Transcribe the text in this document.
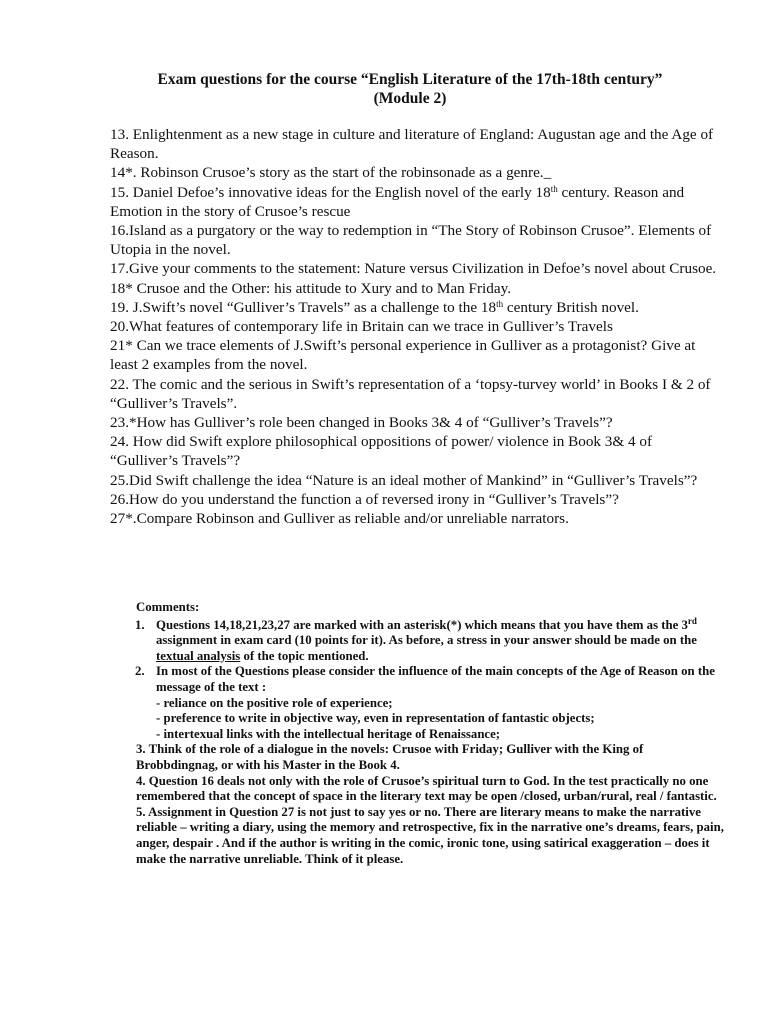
Exam questions for the course “English Literature of the 17th-18th century”
(Module 2)

13. Enlightenment as a new stage in culture and literature of England: Augustan age and the Age of Reason.

14*. Robinson Crusoe’s story as the start of the robinsonade as a genre._

15. Daniel Defoe’s innovative ideas for the English novel of the early 18th century. Reason and Emotion in the story of Crusoe’s rescue

16.Island as a purgatory or the way to redemption in “The Story of Robinson Crusoe”. Elements of Utopia in the novel.

17.Give your comments to the statement: Nature versus Civilization in Defoe’s novel about Crusoe.

18* Crusoe and the Other: his attitude to Xury and to Man Friday.

19. J.Swift’s novel “Gulliver’s Travels” as a challenge to the 18th century British novel.

20.What features of contemporary life in Britain can we trace in Gulliver’s Travels

21* Can we trace elements of J.Swift’s personal experience in Gulliver as a protagonist? Give at least 2 examples from the novel.

22. The comic and the serious in Swift’s representation of a ‘topsy-turvey world’ in Books I & 2 of “Gulliver’s Travels”.

23.*How has Gulliver’s role been changed in Books 3& 4 of “Gulliver’s Travels”?

24. How did Swift explore philosophical oppositions of power/ violence in Book 3& 4 of “Gulliver’s Travels”?

25.Did Swift challenge the idea “Nature is an ideal mother of Mankind” in “Gulliver’s Travels”?

26.How do you understand the function a of reversed irony in “Gulliver’s Travels”?

27*.Compare Robinson and Gulliver as reliable and/or unreliable narrators.

Comments:

1. Questions 14,18,21,23,27 are marked with an asterisk(*) which means that you have them as the 3rd assignment in exam card (10 points for it). As before, a stress in your answer should be made on the textual analysis of the topic mentioned.
2. In most of the Questions please consider the influence of the main concepts of the Age of Reason on the message of the text :

- reliance on the positive role of experience;

- preference to write in objective way, even in representation of fantastic objects;

- intertexual links with the intellectual heritage of Renaissance;

3. Think of the role of a dialogue in the novels: Crusoe with Friday; Gulliver with the King of Brobbdingnag, or with his Master in the Book 4.

4. Question 16 deals not only with the role of Crusoe’s spiritual turn to God. In the test practically no one remembered that the concept of space in the literary text may be open /closed, urban/rural, real / fantastic.

5. Assignment in Question 27 is not just to say yes or no. There are literary means to make the narrative reliable – writing a diary, using the memory and retrospective, fix in the narrative one’s dreams, fears, pain, anger, despair . And if the author is writing in the comic, ironic tone, using satirical exaggeration – does it make the narrative unreliable. Think of it please.
